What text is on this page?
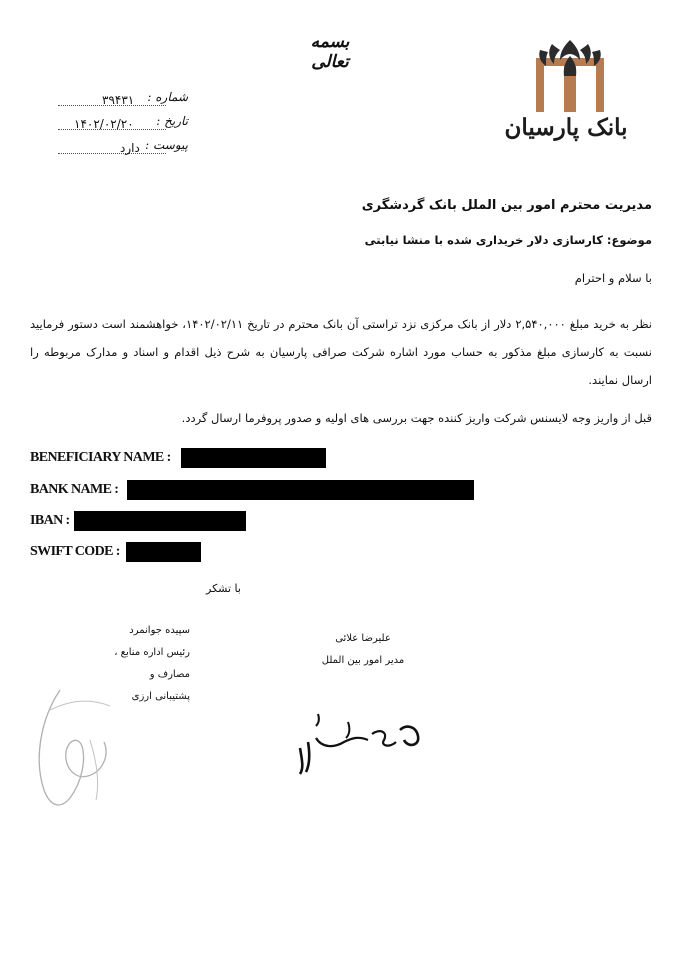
بسمه تعالی
بانک پارسیان
شماره :
۳۹۴۳۱
تاریخ :
۱۴۰۲/۰۲/۲۰
پیوست :
دارد
مدیریت محترم امور بین الملل بانک گردشگری
موضوع: کارسازی دلار خریداری شده با منشا نیابتی
با سلام و احترام
نظر به خرید مبلغ ۲,۵۴۰,۰۰۰ دلار از بانک مرکزی نزد تراستی آن بانک محترم در تاریخ ۱۴۰۲/۰۲/۱۱، خواهشمند است دستور فرمایید نسبت به کارسازی مبلغ مذکور به حساب مورد اشاره شرکت صرافی پارسیان به شرح ذیل اقدام و اسناد و مدارک مربوطه را ارسال نمایند.
قبل از واریز وجه لایسنس شرکت واریز کننده جهت بررسی های اولیه و صدور پروفرما ارسال گردد.
BENEFICIARY NAME :
BANK NAME :
IBAN :
SWIFT CODE :
با تشکر
سپیده جوانمرد
رئیس اداره منابع ، مصارف و
پشتیبانی ارزی
علیرضا علائی
مدیر امور بین الملل
